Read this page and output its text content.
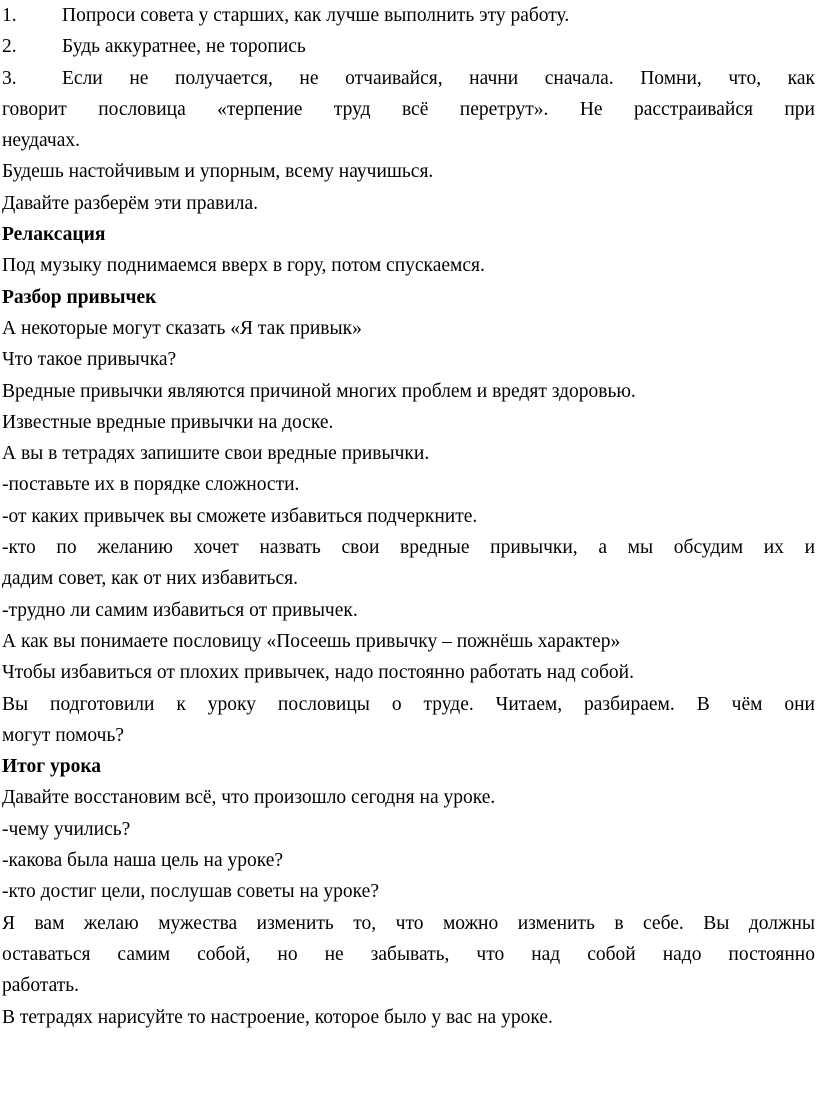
1. Попроси совета у старших, как лучше выполнить эту работу.

2. Будь аккуратнее, не торопись

3. Если не получается, не отчаивайся, начни сначала. Помни, что, как

говорит пословица «терпение труд всё перетрут». Не расстраивайся при

неудачах.

Будешь настойчивым и упорным, всему научишься.

Давайте разберём эти правила.

Релаксация

Под музыку поднимаемся вверх в гору, потом спускаемся.

Разбор привычек

А некоторые могут сказать «Я так привык»

Что такое привычка?

Вредные привычки являются причиной многих проблем и вредят здоровью.

Известные вредные привычки на доске.

А вы в тетрадях запишите свои вредные привычки.

-поставьте их в порядке сложности.

-от каких привычек вы сможете избавиться подчеркните.

-кто по желанию хочет назвать свои вредные привычки, а мы обсудим их и

дадим совет, как от них избавиться.

-трудно ли самим избавиться от привычек.

А как вы понимаете пословицу «Посеешь привычку – пожнёшь характер»

Чтобы избавиться от плохих привычек, надо постоянно работать над собой.

Вы подготовили к уроку пословицы о труде. Читаем, разбираем. В чём они

могут помочь?

Итог урока

Давайте восстановим всё, что произошло сегодня на уроке.

-чему учились?

-какова была наша цель на уроке?

-кто достиг цели, послушав советы на уроке?

Я вам желаю мужества изменить то, что можно изменить в себе. Вы должны

оставаться самим собой, но не забывать, что над собой надо постоянно

работать.

В тетрадях нарисуйте то настроение, которое было у вас на уроке.
